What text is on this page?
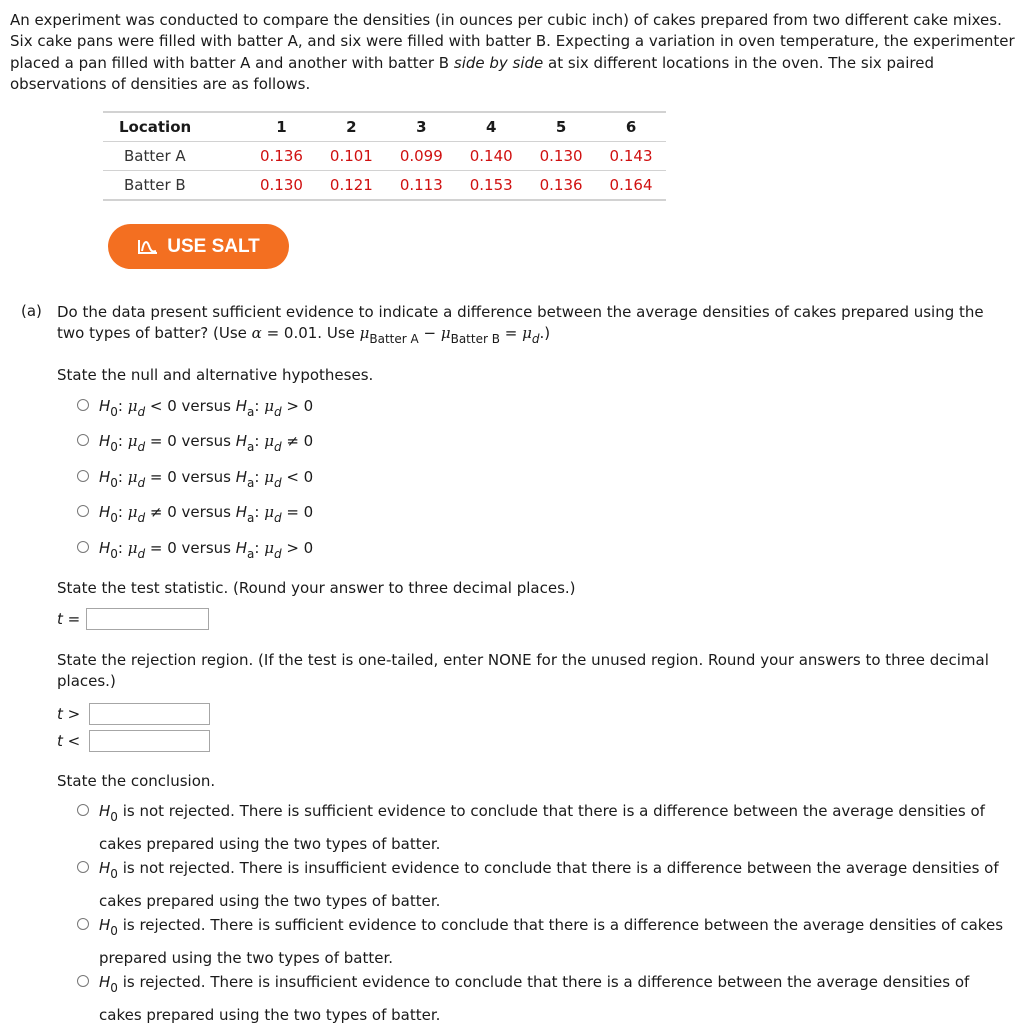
An experiment was conducted to compare the densities (in ounces per cubic inch) of cakes prepared from two different cake mixes. Six cake pans were filled with batter A, and six were filled with batter B. Expecting a variation in oven temperature, the experimenter placed a pan filled with batter A and another with batter B side by side at six different locations in the oven. The six paired observations of densities are as follows.

Location	1	2	3	4	5	6
Batter A	0.136	0.101	0.099	0.140	0.130	0.143
Batter B	0.130	0.121	0.113	0.153	0.136	0.164
USE SALT
(a) Do the data present sufficient evidence to indicate a difference between the average densities of cakes prepared using the two types of batter? (Use α = 0.01. Use $\mu_{Batter A} - \mu_{Batter B} = \mu_d$.)
State the null and alternative hypotheses.
$H_0$: $\mu_d < 0$ versus $H_a$: $\mu_d > 0$
$H_0$: $\mu_d = 0$ versus $H_a$: $\mu_d \ne 0$
$H_0$: $\mu_d = 0$ versus $H_a$: $\mu_d < 0$
$H_0$: $\mu_d \ne 0$ versus $H_a$: $\mu_d = 0$
$H_0$: $\mu_d = 0$ versus $H_a$: $\mu_d > 0$
State the test statistic. (Round your answer to three decimal places.)
t =
State the rejection region. (If the test is one-tailed, enter NONE for the unused region. Round your answers to three decimal places.)
t >
t <
State the conclusion.
$H_0$ is not rejected. There is sufficient evidence to conclude that there is a difference between the average densities of cakes prepared using the two types of batter.
$H_0$ is not rejected. There is insufficient evidence to conclude that there is a difference between the average densities of cakes prepared using the two types of batter.
$H_0$ is rejected. There is sufficient evidence to conclude that there is a difference between the average densities of cakes prepared using the two types of batter.
$H_0$ is rejected. There is insufficient evidence to conclude that there is a difference between the average densities of cakes prepared using the two types of batter.
